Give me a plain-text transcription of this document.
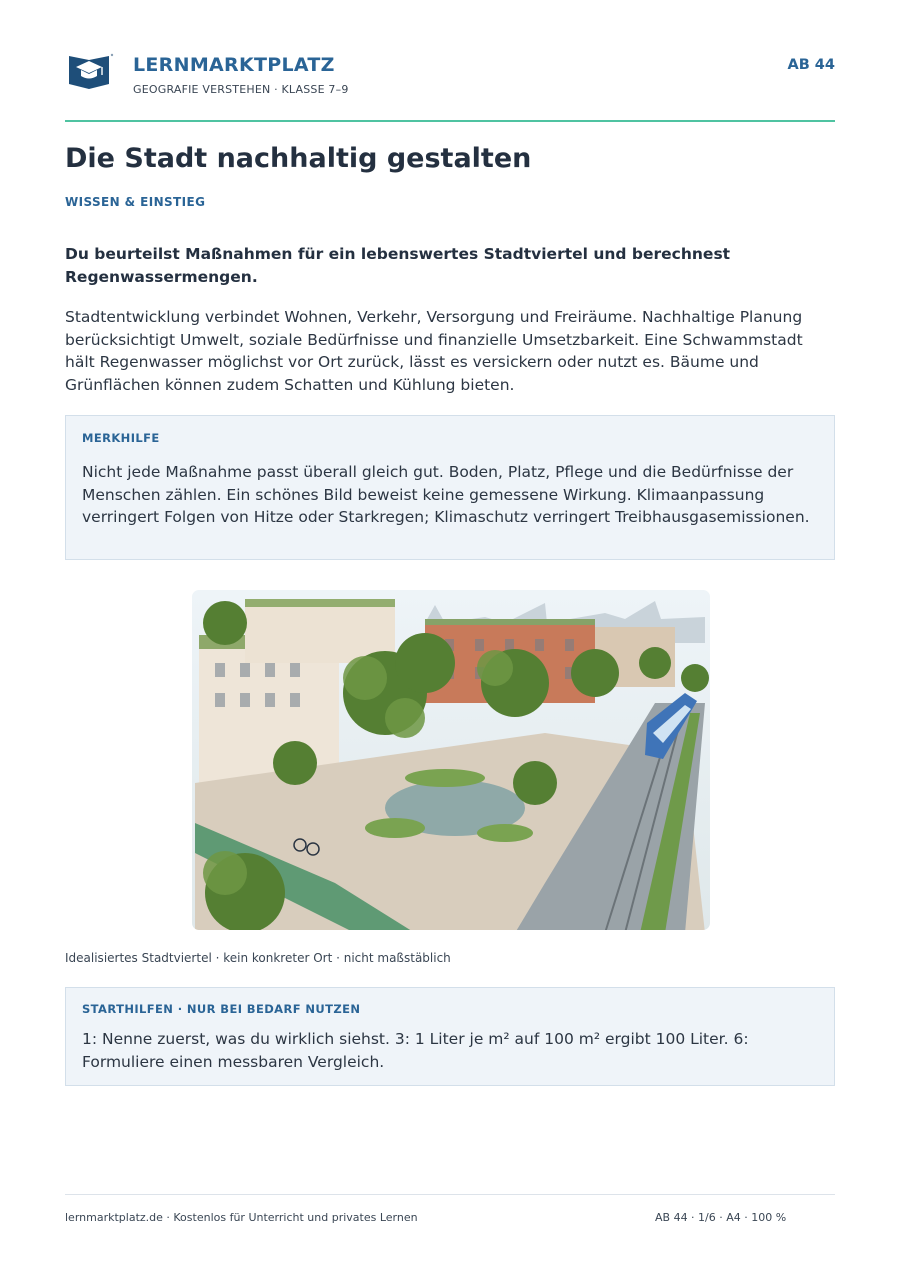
LERNMARKTPLATZ
GEOGRAFIE VERSTEHEN · KLASSE 7–9
AB 44
Die Stadt nachhaltig gestalten
WISSEN & EINSTIEG

Du beurteilst Maßnahmen für ein lebenswertes Stadtviertel und berechnest Regenwassermengen.

Stadtentwicklung verbindet Wohnen, Verkehr, Versorgung und Freiräume. Nachhaltige Planung berücksichtigt Umwelt, soziale Bedürfnisse und finanzielle Umsetzbarkeit. Eine Schwammstadt hält Regenwasser möglichst vor Ort zurück, lässt es versickern oder nutzt es. Bäume und Grünflächen können zudem Schatten und Kühlung bieten.

MERKHILFE

Nicht jede Maßnahme passt überall gleich gut. Boden, Platz, Pflege und die Bedürfnisse der Menschen zählen. Ein schönes Bild beweist keine gemessene Wirkung. Klimaanpassung verringert Folgen von Hitze oder Starkregen; Klimaschutz verringert Treibhausgasemissionen.

Idealisiertes Stadtviertel · kein konkreter Ort · nicht maßstäblich
STARTHILFEN · NUR BEI BEDARF NUTZEN

1: Nenne zuerst, was du wirklich siehst. 3: 1 Liter je m² auf 100 m² ergibt 100 Liter. 6: Formuliere einen messbaren Vergleich.

lernmarktplatz.de · Kostenlos für Unterricht und privates Lernen	AB 44 · 1/6 · A4 · 100 %
